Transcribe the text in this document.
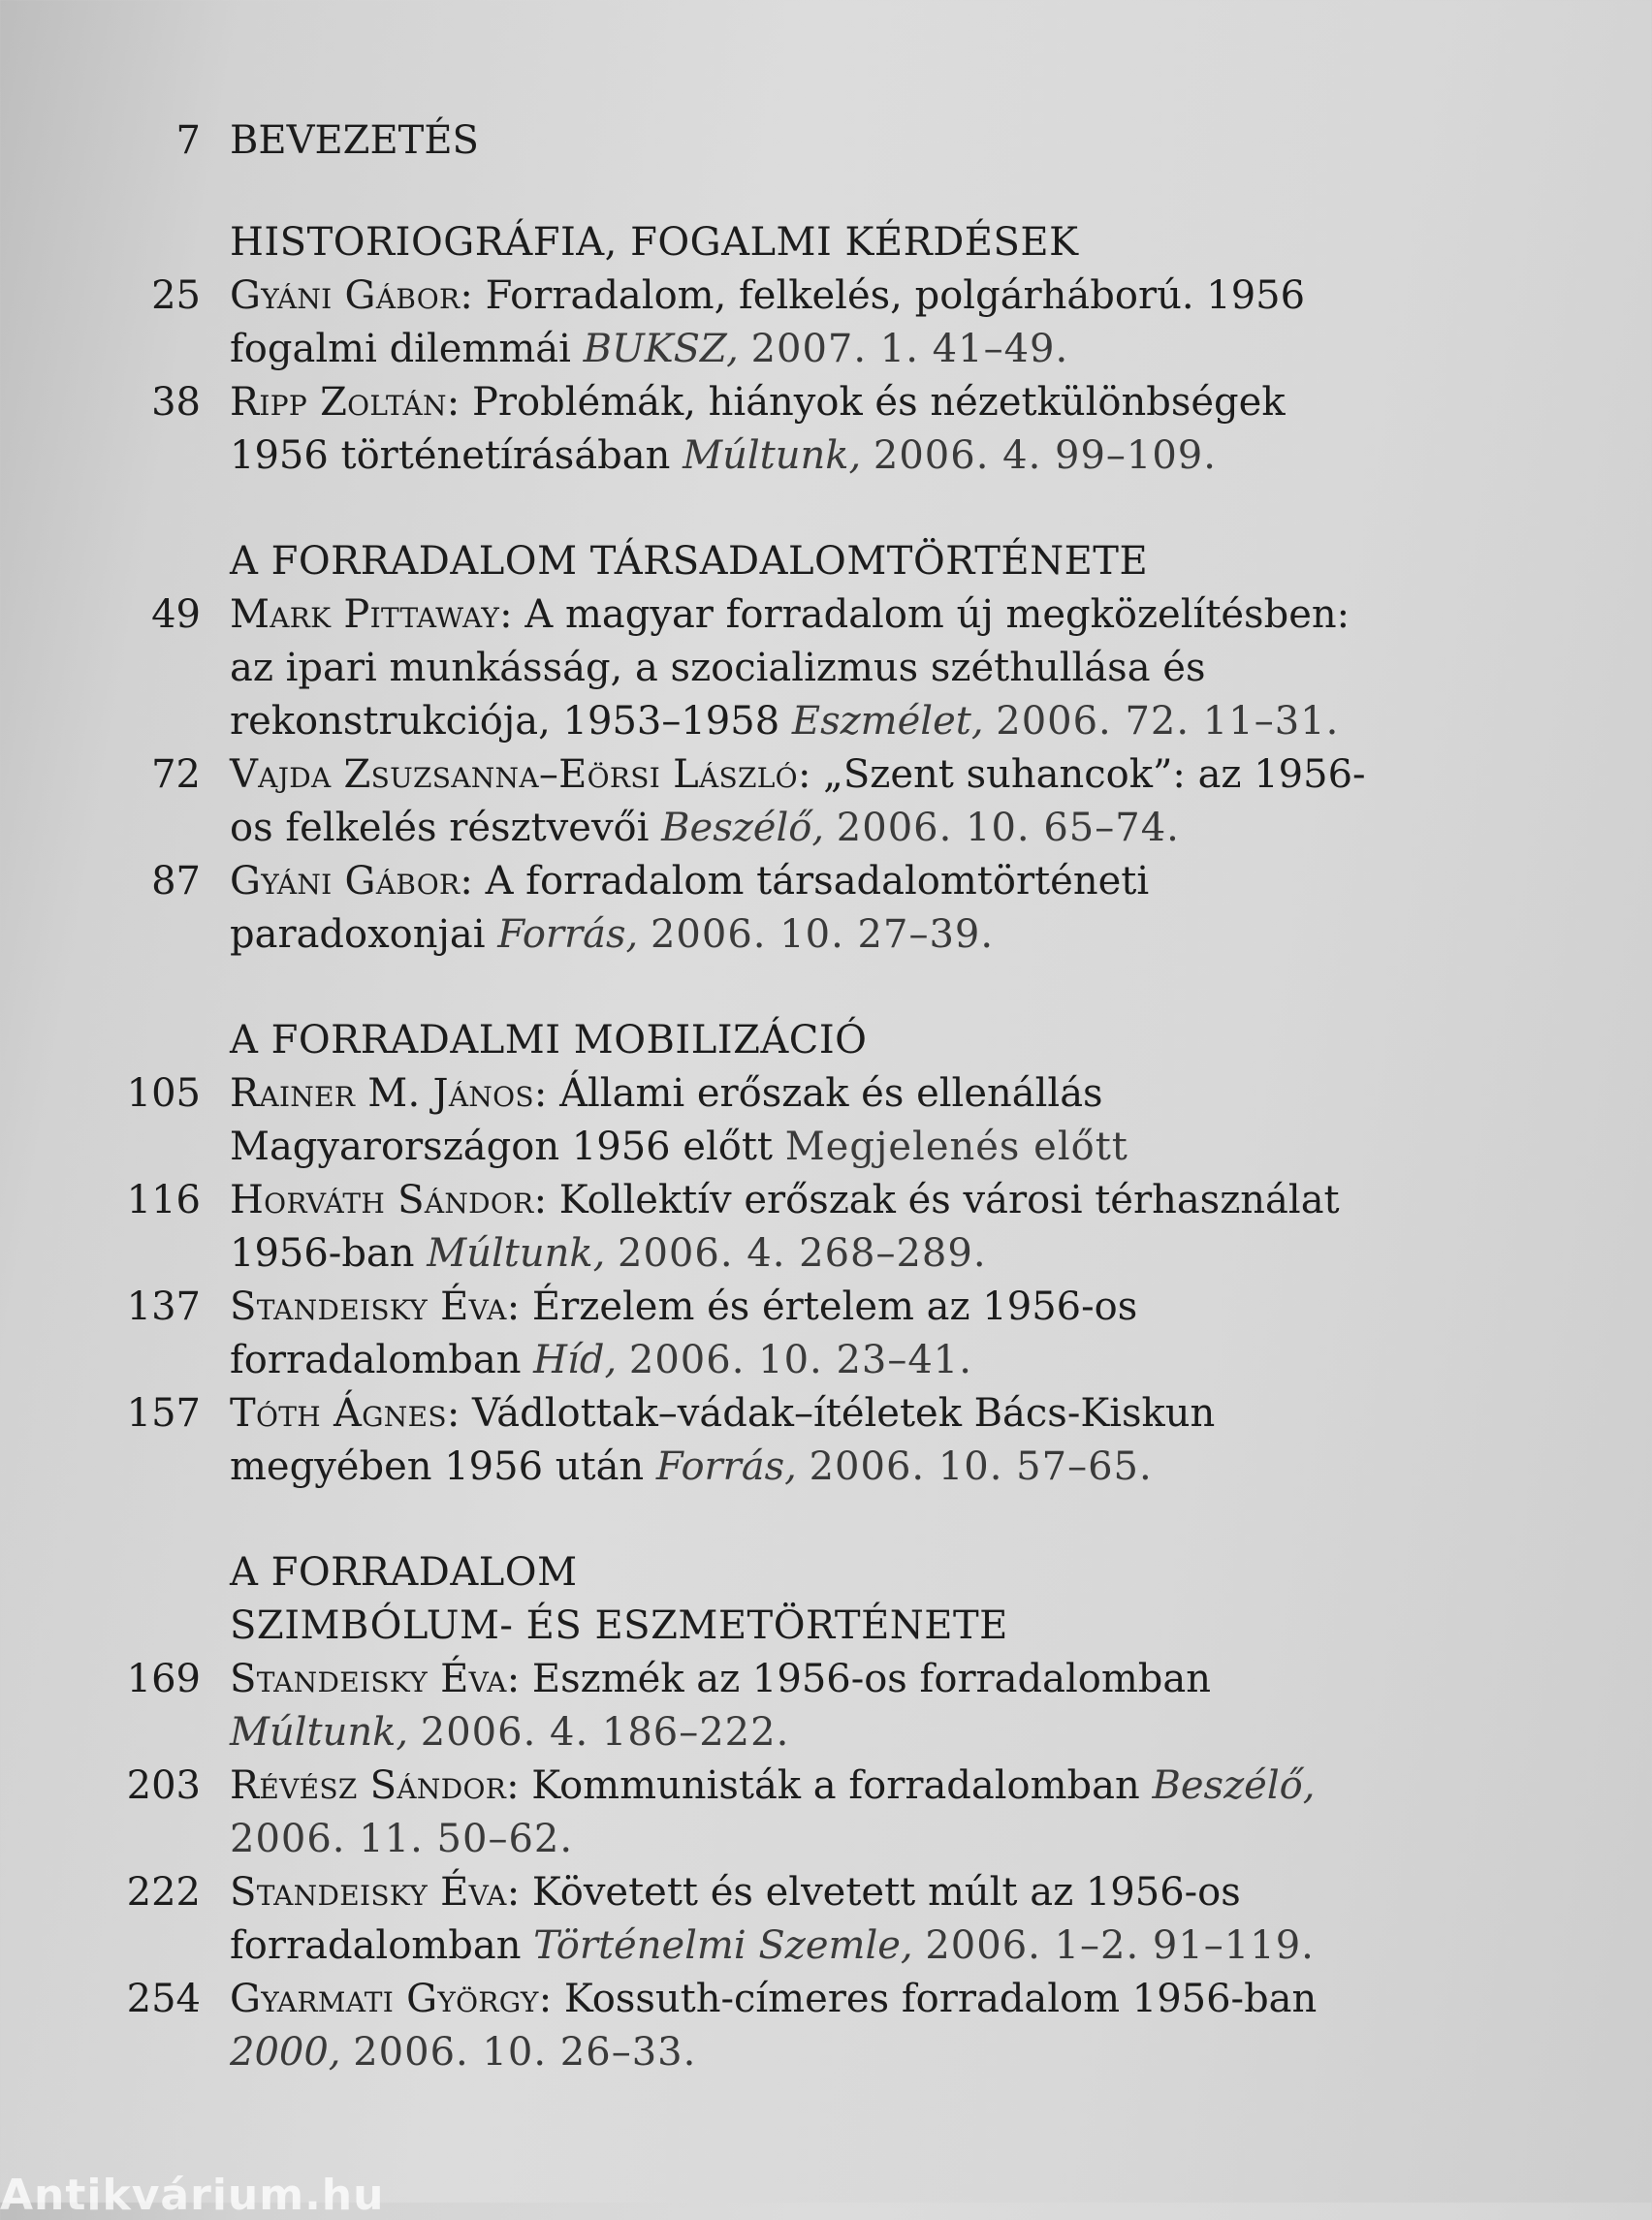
7 BEVEZETÉS
HISTORIOGRÁFIA, FOGALMI KÉRDÉSEK
25 Gyáni Gábor: Forradalom, felkelés, polgárháború. 1956 fogalmi dilemmái BUKSZ, 2007. 1. 41–49.
38 Ripp Zoltán: Problémák, hiányok és nézetkülönbségek 1956 történetírásában Múltunk, 2006. 4. 99–109.
A FORRADALOM TÁRSADALOMTÖRTÉNETE
49 Mark Pittaway: A magyar forradalom új megközelítésben: az ipari munkásság, a szocializmus széthullása és rekonstrukciója, 1953–1958 Eszmélet, 2006. 72. 11–31.
72 Vajda Zsuzsanna–Eörsi László: „Szent suhancok”: az 1956-os felkelés résztvevői Beszélő, 2006. 10. 65–74.
87 Gyáni Gábor: A forradalom társadalomtörténeti paradoxonjai Forrás, 2006. 10. 27–39.
A FORRADALMI MOBILIZÁCIÓ
105 Rainer M. János: Állami erőszak és ellenállás Magyarországon 1956 előtt Megjelenés előtt
116 Horváth Sándor: Kollektív erőszak és városi térhasználat 1956-ban Múltunk, 2006. 4. 268–289.
137 Standeisky Éva: Érzelem és értelem az 1956-os forradalomban Híd, 2006. 10. 23–41.
157 Tóth Ágnes: Vádlottak–vádak–ítéletek Bács-Kiskun megyében 1956 után Forrás, 2006. 10. 57–65.
A FORRADALOM
SZIMBÓLUM- ÉS ESZMETÖRTÉNETE
169 Standeisky Éva: Eszmék az 1956-os forradalomban Múltunk, 2006. 4. 186–222.
203 Révész Sándor: Kommunisták a forradalomban Beszélő, 2006. 11. 50–62.
222 Standeisky Éva: Követett és elvetett múlt az 1956-os forradalomban Történelmi Szemle, 2006. 1–2. 91–119.
254 Gyarmati György: Kossuth-címeres forradalom 1956-ban 2000, 2006. 10. 26–33.
Antikvárium.hu
